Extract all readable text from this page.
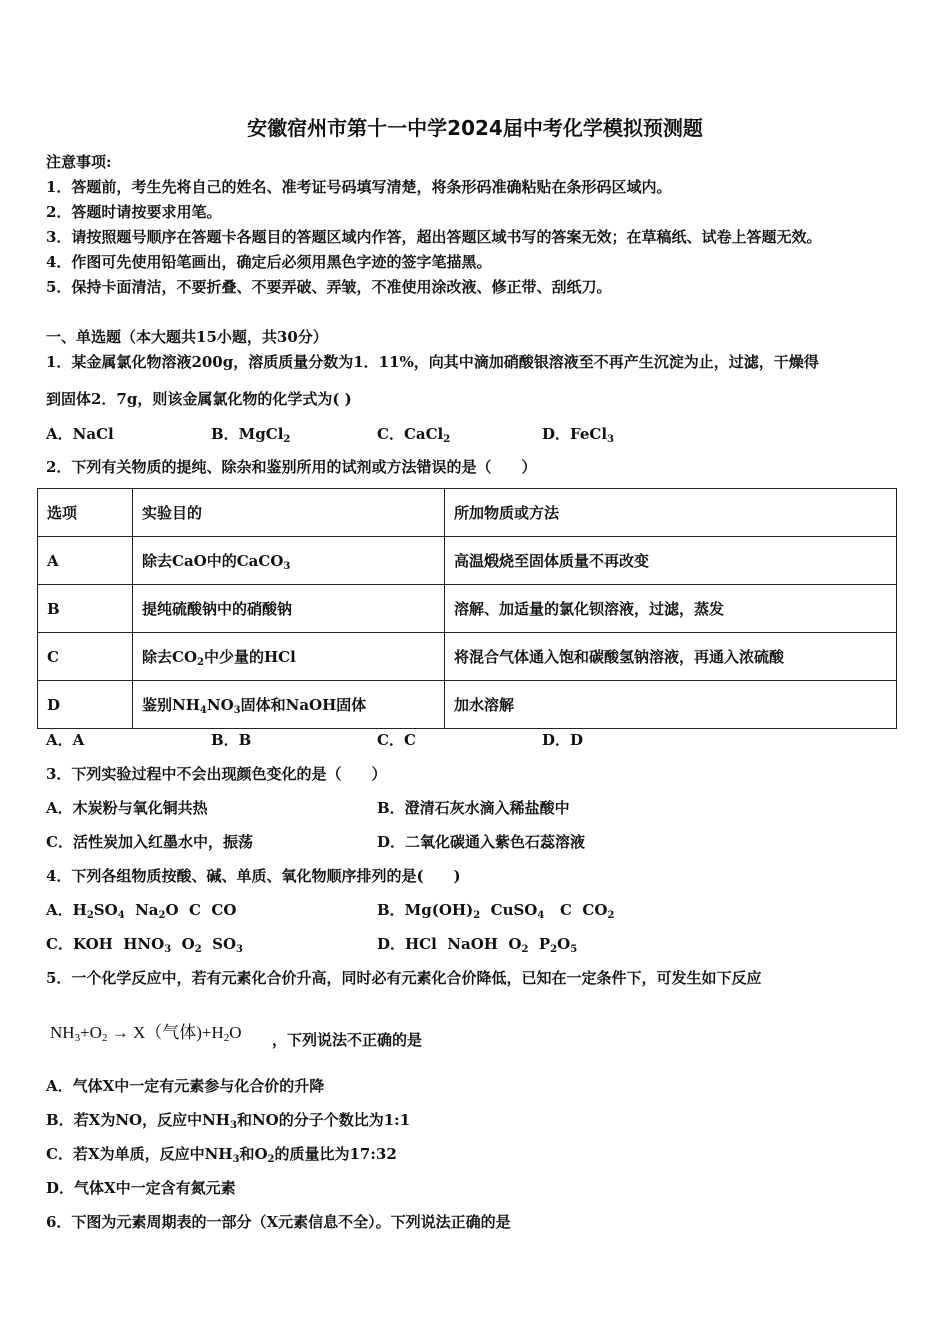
安徽宿州市第十一中学2024届中考化学模拟预测题
注意事项:
1．答题前，考生先将自己的姓名、准考证号码填写清楚，将条形码准确粘贴在条形码区域内。
2．答题时请按要求用笔。
3．请按照题号顺序在答题卡各题目的答题区域内作答，超出答题区域书写的答案无效；在草稿纸、试卷上答题无效。
4．作图可先使用铅笔画出，确定后必须用黑色字迹的签字笔描黑。
5．保持卡面清洁，不要折叠、不要弄破、弄皱，不准使用涂改液、修正带、刮纸刀。
一、单选题（本大题共15小题，共30分）
1．某金属氯化物溶液200g，溶质质量分数为1．11%，向其中滴加硝酸银溶液至不再产生沉淀为止，过滤，干燥得
到固体2．7g，则该金属氯化物的化学式为( )
A．NaCl	B．MgCl$_2$	C．CaCl$_2$	D．FeCl$_3$
2．下列有关物质的提纯、除杂和鉴别所用的试剂或方法错误的是（　　）
选项	实验目的	所加物质或方法
A	除去CaO中的CaCO$_3$	高温煅烧至固体质量不再改变
B	提纯硫酸钠中的硝酸钠	溶解、加适量的氯化钡溶液，过滤，蒸发
C	除去$CO_2$中少量的HCl	将混合气体通入饱和碳酸氢钠溶液，再通入浓硫酸
D	鉴别$NH_4NO_3$固体和NaOH固体	加水溶解
A．A	B．B	C．C	D．D
3．下列实验过程中不会出现颜色变化的是（　　）
A．木炭粉与氧化铜共热	B．澄清石灰水滴入稀盐酸中
C．活性炭加入红墨水中，振荡	D．二氧化碳通入紫色石蕊溶液
4．下列各组物质按酸、碱、单质、氧化物顺序排列的是(　　)
A．$H_2SO_4$  $Na_2O$  C  CO	B．$Mg(OH)_2$  CuSO$_4$   C  $CO_2$
C．KOH  $HNO_3$  $O_2$  $SO_3$	D．HCl  NaOH  $O_2$  $P_2O_5$
5．一个化学反应中，若有元素化合价升高，同时必有元素化合价降低，已知在一定条件下，可发生如下反应
$NH_3+O_2 \to X$（气体)$+H_2O$ ，下列说法不正确的是
A．气体X中一定有元素参与化合价的升降
B．若X为NO，反应中$NH_3$和NO的分子个数比为1:1
C．若X为单质，反应中$NH_3$和$O_2$的质量比为17:32
D．气体X中一定含有氮元素
6．下图为元素周期表的一部分（X元素信息不全）。下列说法正确的是
